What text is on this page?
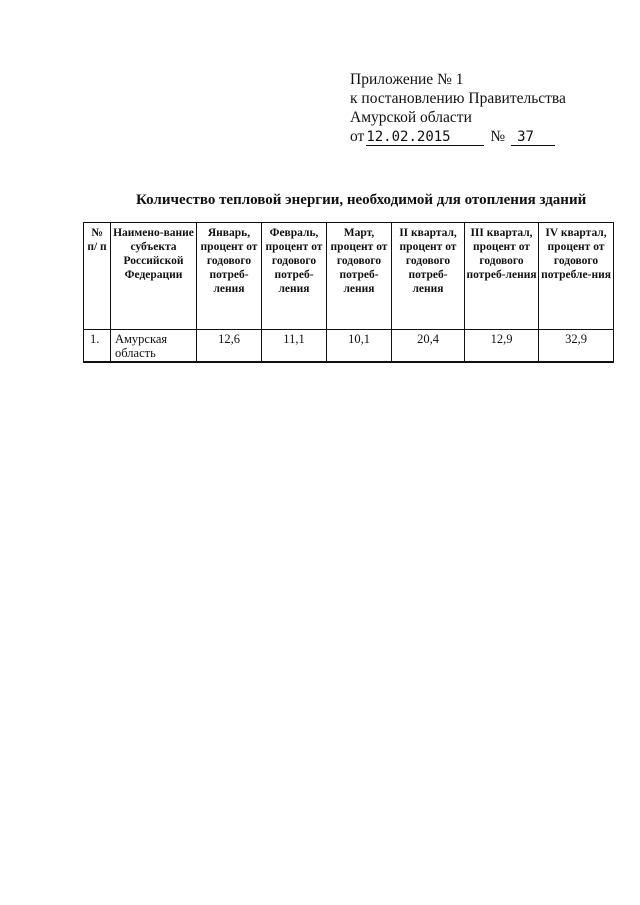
Приложение № 1
к постановлению Правительства
Амурской области
от 12.02.2015	№ 37
Количество тепловой энергии, необходимой для отопления зданий
№ п/ п	Наимено-вание субъекта Российской Федерации	Январь, процент от годового потреб-ления	Февраль, процент от годового потреб-ления	Март, процент от годового потреб-ления	II квартал, процент от годового потреб-ления	III квартал, процент от годового потреб-ления	IV квартал, процент от годового потребле-ния
1.	Амурская область	12,6	11,1	10,1	20,4	12,9	32,9
